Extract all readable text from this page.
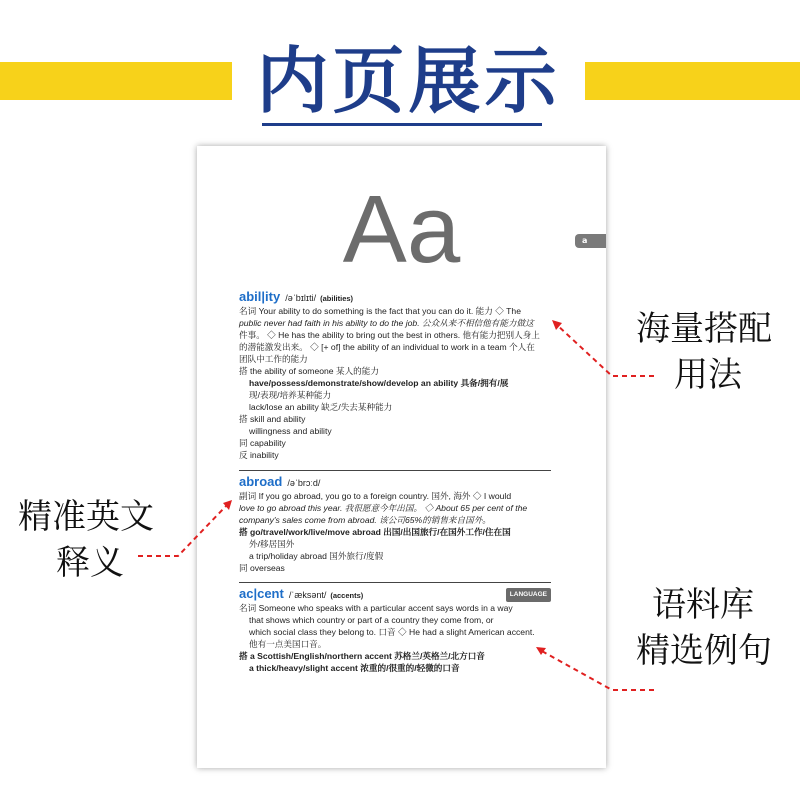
内页展示
Aa
abil|ity /əˈbɪlɪti/ (abilities)
名词 Your ability to do something is the fact that you can do it. 能力 ◇ The
public never had faith in his ability to do the job. 公众从来不相信他有能力做这
件事。 ◇ He has the ability to bring out the best in others. 他有能力把别人身上
的潜能激发出来。 ◇ [+ of] the ability of an individual to work in a team 个人在
团队中工作的能力
搭 the ability of someone 某人的能力
have/possess/demonstrate/show/develop an ability 具备/拥有/展
现/表现/培养某种能力
lack/lose an ability 缺乏/失去某种能力
搭 skill and ability
willingness and ability
同 capability
反 inability
abroad /əˈbrɔːd/
副词 If you go abroad, you go to a foreign country. 国外, 海外 ◇ I would
love to go abroad this year. 我很愿意今年出国。 ◇ About 65 per cent of the
company's sales come from abroad. 该公司65%的销售来自国外。
搭 go/travel/work/live/move abroad 出国/出国旅行/在国外工作/住在国
外/移居国外
a trip/holiday abroad 国外旅行/度假
同 overseas
LANGUAGE
ac|cent /ˈæksənt/ (accents)
名词 Someone who speaks with a particular accent says words in a way
that shows which country or part of a country they come from, or
which social class they belong to. 口音 ◇ He had a slight American accent.
他有一点美国口音。
搭 a Scottish/English/northern accent 苏格兰/英格兰/北方口音
a thick/heavy/slight accent 浓重的/很重的/轻微的口音
a
海量搭配
用法
精准英文
释义
语料库
精选例句
